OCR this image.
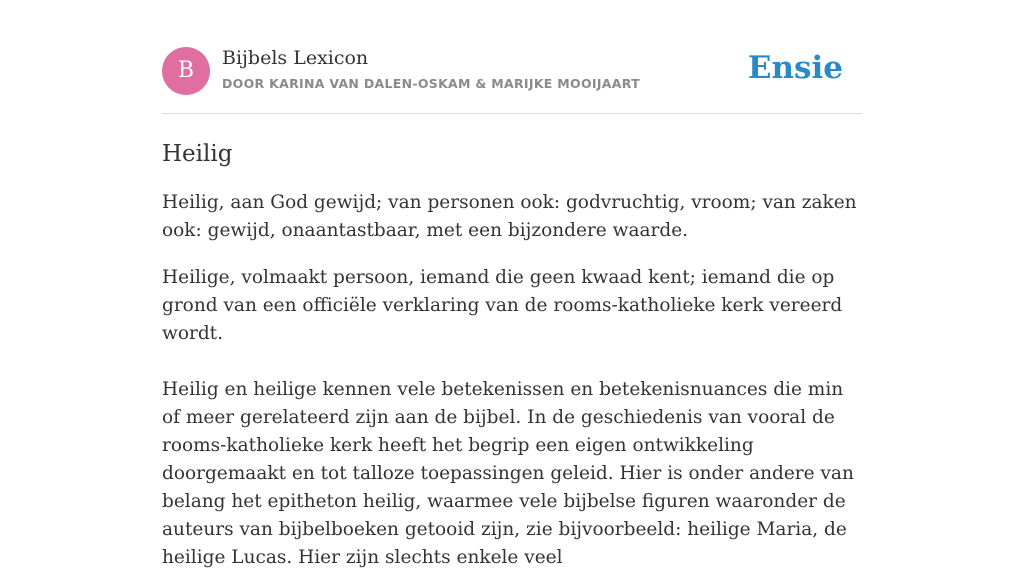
B	Bijbels Lexicon
DOOR KARINA VAN DALEN-OSKAM & MARIJKE MOOIJAART	Ensie
Heilig

Heilig, aan God gewijd; van personen ook: godvruchtig, vroom; van zaken ook: gewijd, onaantastbaar, met een bijzondere waarde.

Heilige, volmaakt persoon, iemand die geen kwaad kent; iemand die op grond van een officiële verklaring van de rooms-katholieke kerk vereerd wordt.

Heilig en heilige kennen vele betekenissen en betekenisnuances die min of meer gerelateerd zijn aan de bijbel. In de geschiedenis van vooral de rooms-katholieke kerk heeft het begrip een eigen ontwikkeling doorgemaakt en tot talloze toepassingen geleid. Hier is onder andere van belang het epitheton heilig, waarmee vele bijbelse figuren waaronder de auteurs van bijbelboeken getooid zijn, zie bijvoorbeeld: heilige Maria, de heilige Lucas. Hier zijn slechts enkele veel
